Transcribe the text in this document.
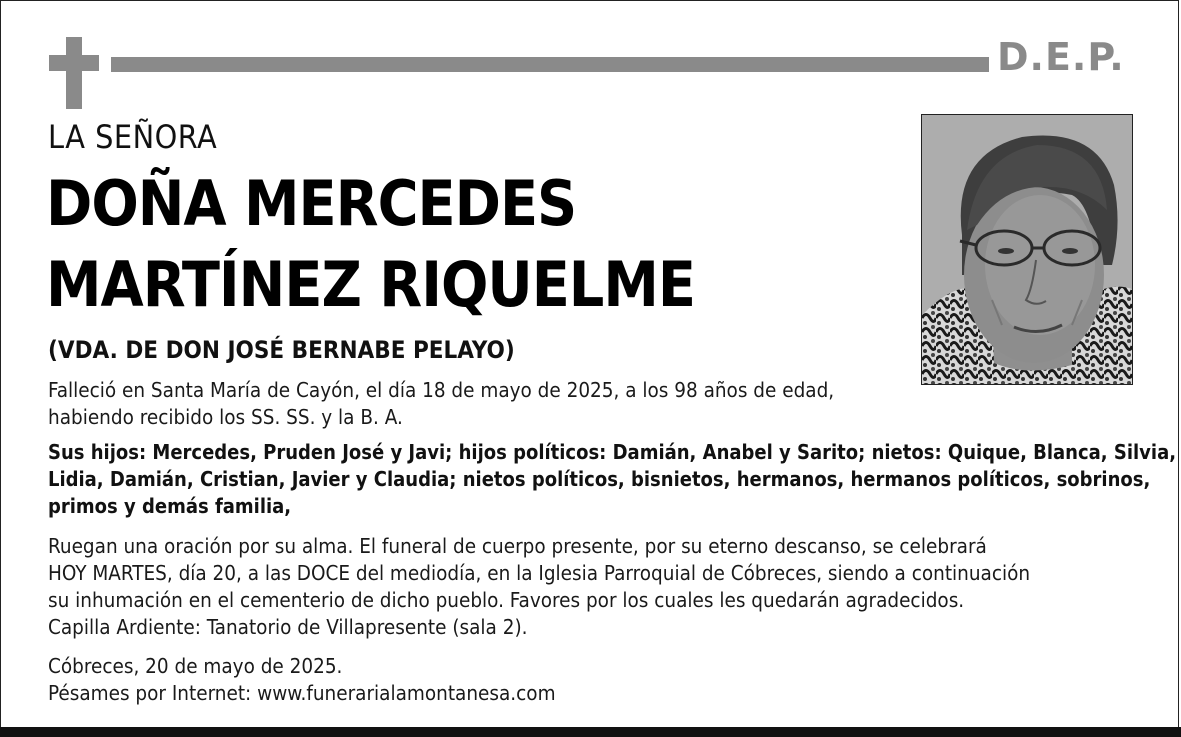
D.E.P.
LA SEÑORA
DOÑA MERCEDES
MARTÍNEZ RIQUELME
(VDA. DE DON JOSÉ BERNABE PELAYO)
Falleció en Santa María de Cayón, el día 18 de mayo de 2025, a los 98 años de edad,
habiendo recibido los SS. SS. y la B. A.
Sus hijos: Mercedes, Pruden José y Javi; hijos políticos: Damián, Anabel y Sarito; nietos: Quique, Blanca, Silvia,
Lidia, Damián, Cristian, Javier y Claudia; nietos políticos, bisnietos, hermanos, hermanos políticos, sobrinos,
primos y demás familia,
Ruegan una oración por su alma. El funeral de cuerpo presente, por su eterno descanso, se celebrará
HOY MARTES, día 20, a las DOCE del mediodía, en la Iglesia Parroquial de Cóbreces, siendo a continuación
su inhumación en el cementerio de dicho pueblo. Favores por los cuales les quedarán agradecidos.
Capilla Ardiente: Tanatorio de Villapresente (sala 2).
Cóbreces, 20 de mayo de 2025.
Pésames por Internet: www.funerarialamontanesa.com
